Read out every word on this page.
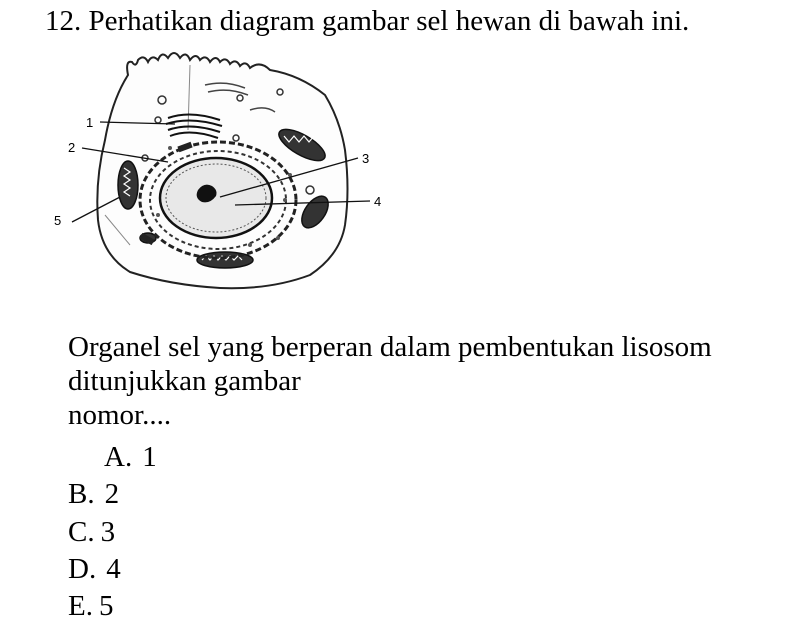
12. Perhatikan diagram gambar sel hewan di bawah ini.
1
2
3
4
5
Organel sel yang berperan dalam pembentukan lisosom
ditunjukkan gambar
nomor....
A. 1
B. 2
C. 3
D. 4
E. 5
